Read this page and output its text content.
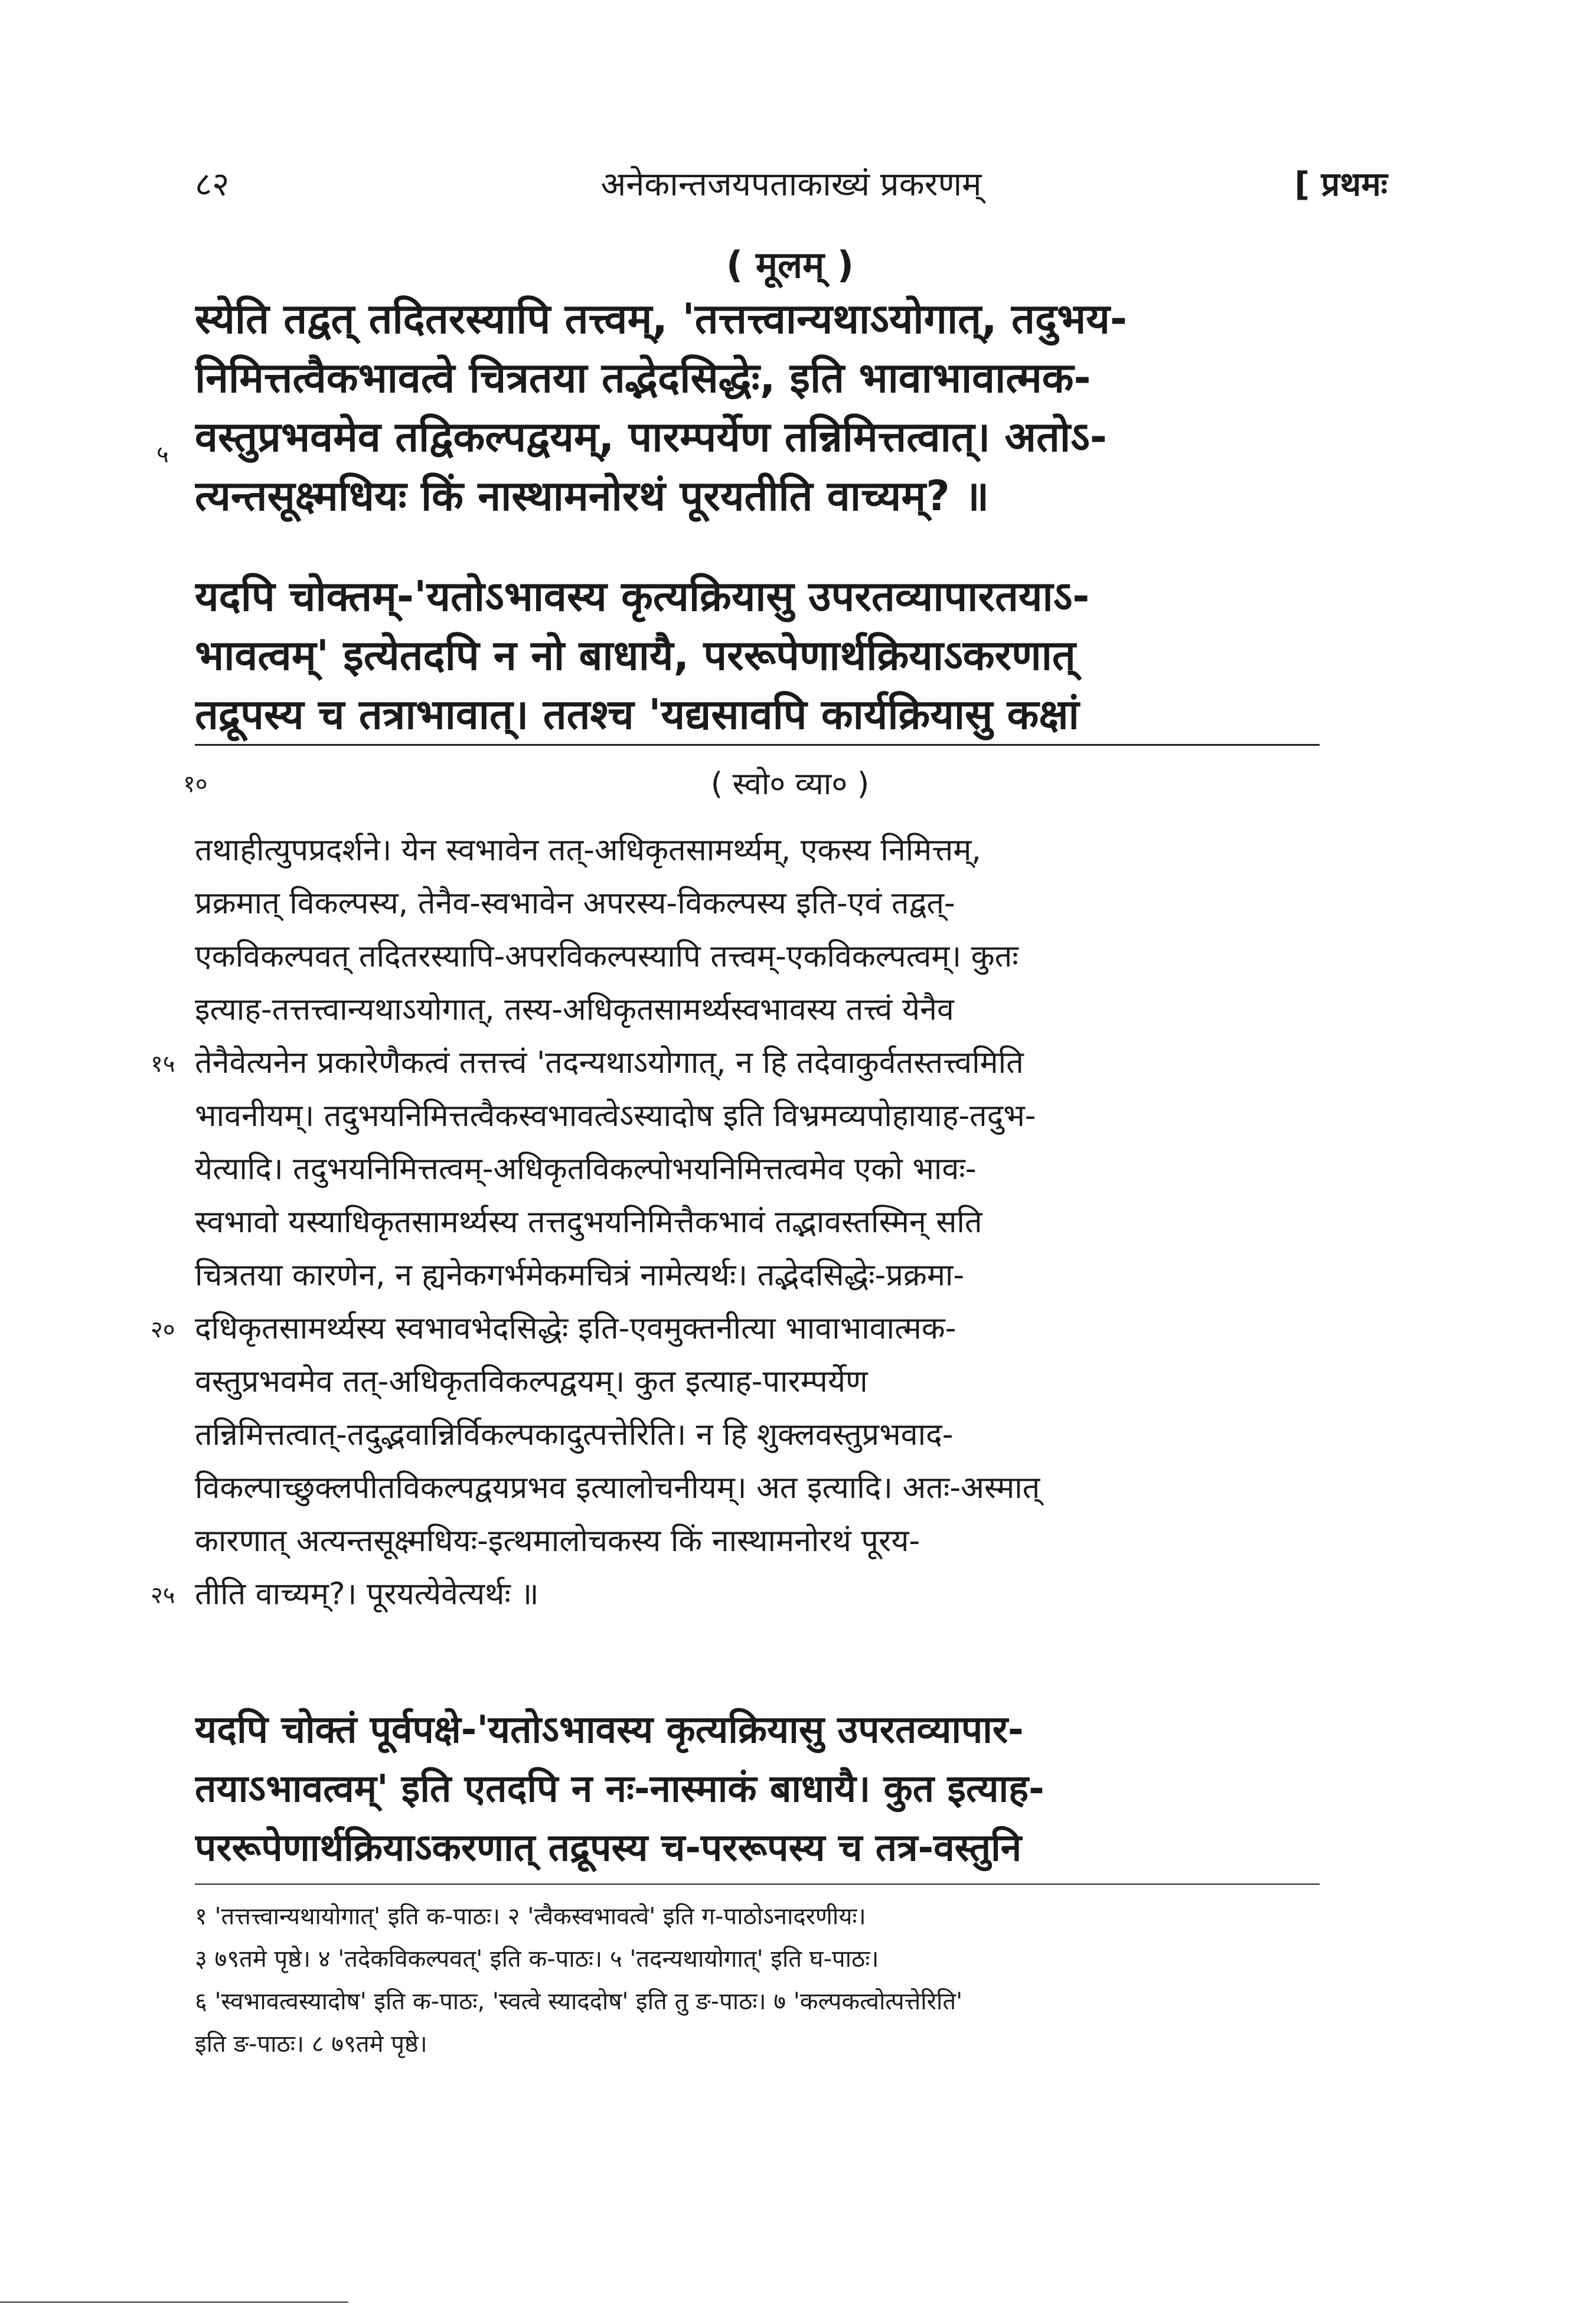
८२	अनेकान्तजयपताकाख्यं प्रकरणम्	[ प्रथमः
( मूलम् )
स्येति तद्वत् तदितरस्यापि तत्त्वम्, 'तत्तत्त्वान्यथाऽयोगात्, तदुभय-
निमित्तत्वैकभावत्वे चित्रतया तद्भेदसिद्धेः, इति भावाभावात्मक-
वस्तुप्रभवमेव तद्विकल्पद्वयम्, पारम्पर्येण तन्निमित्तत्वात्। अतोऽ-
त्यन्तसूक्ष्मधियः किं नास्थामनोरथं पूरयतीति वाच्यम्? ॥
५
यदपि चोक्तम्-'यतोऽभावस्य कृत्यक्रियासु उपरतव्यापारतयाऽ-
भावत्वम्' इत्येतदपि न नो बाधायै, पररूपेणार्थक्रियाऽकरणात्
तद्रूपस्य च तत्राभावात्। ततश्च 'यद्यसावपि कार्यक्रियासु कक्षां
१०	( स्वो० व्या० )
तथाहीत्युपप्रदर्शने। येन स्वभावेन तत्-अधिकृतसामर्थ्यम्, एकस्य निमित्तम्,
प्रक्रमात् विकल्पस्य, तेनैव-स्वभावेन अपरस्य-विकल्पस्य इति-एवं तद्वत्-
एकविकल्पवत् तदितरस्यापि-अपरविकल्पस्यापि तत्त्वम्-एकविकल्पत्वम्। कुतः
इत्याह-तत्तत्त्वान्यथाऽयोगात्, तस्य-अधिकृतसामर्थ्यस्वभावस्य तत्त्वं येनैव
तेनैवेत्यनेन प्रकारेणैकत्वं तत्तत्त्वं 'तदन्यथाऽयोगात्, न हि तदेवाकुर्वतस्तत्त्वमिति
भावनीयम्। तदुभयनिमित्तत्वैकस्वभावत्वेऽस्यादोष इति विभ्रमव्यपोहायाह-तदुभ-
येत्यादि। तदुभयनिमित्तत्वम्-अधिकृतविकल्पोभयनिमित्तत्वमेव एको भावः-
स्वभावो यस्याधिकृतसामर्थ्यस्य तत्तदुभयनिमित्तैकभावं तद्भावस्तस्मिन् सति
चित्रतया कारणेन, न ह्यनेकगर्भमेकमचित्रं नामेत्यर्थः। तद्भेदसिद्धेः-प्रक्रमा-
दधिकृतसामर्थ्यस्य स्वभावभेदसिद्धेः इति-एवमुक्तनीत्या भावाभावात्मक-
वस्तुप्रभवमेव तत्-अधिकृतविकल्पद्वयम्। कुत इत्याह-पारम्पर्येण
तन्निमित्तत्वात्-तदुद्भवान्निर्विकल्पकादुत्पत्तेरिति। न हि शुक्लवस्तुप्रभवाद-
विकल्पाच्छुक्लपीतविकल्पद्वयप्रभव इत्यालोचनीयम्। अत इत्यादि। अतः-अस्मात्
कारणात् अत्यन्तसूक्ष्मधियः-इत्थमालोचकस्य किं नास्थामनोरथं पूरय-
तीति वाच्यम्?। पूरयत्येवेत्यर्थः ॥
१५
२०
२५
यदपि चोक्तं पूर्वपक्षे-'यतोऽभावस्य कृत्यक्रियासु उपरतव्यापार-
तयाऽभावत्वम्' इति एतदपि न नः-नास्माकं बाधायै। कुत इत्याह-
पररूपेणार्थक्रियाऽकरणात् तद्रूपस्य च-पररूपस्य च तत्र-वस्तुनि
१ 'तत्तत्त्वान्यथायोगात्' इति क-पाठः। २ 'त्वैकस्वभावत्वे' इति ग-पाठोऽनादरणीयः।
३ ७९तमे पृष्ठे। ४ 'तदेकविकल्पवत्' इति क-पाठः। ५ 'तदन्यथायोगात्' इति घ-पाठः।
६ 'स्वभावत्वस्यादोष' इति क-पाठः, 'स्वत्वे स्याददोष' इति तु ङ-पाठः। ७ 'कल्पकत्वोत्पत्तेरिति'
इति ङ-पाठः। ८ ७९तमे पृष्ठे।
